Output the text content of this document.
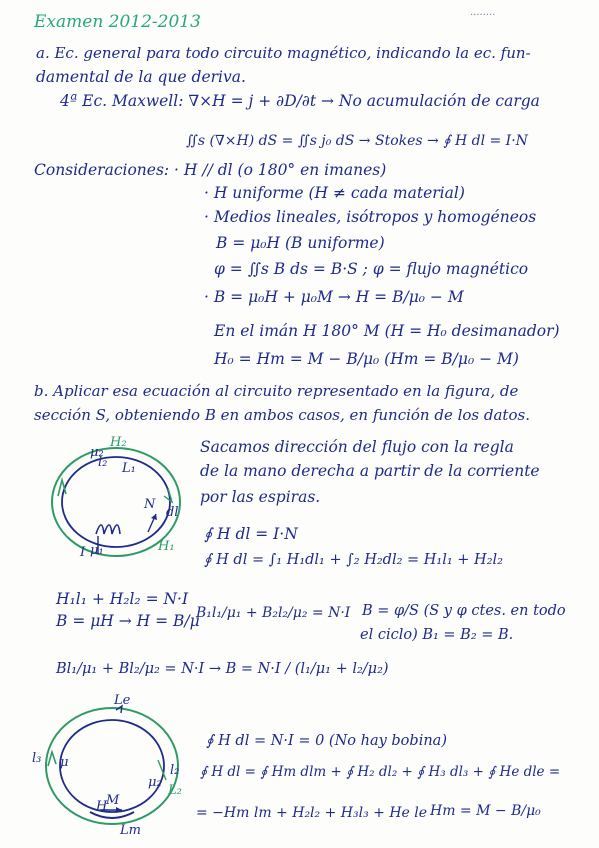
Examen 2012-2013	........
a. Ec. general para todo circuito magnético, indicando la ec. fun-
damental de la que deriva.
4ª Ec. Maxwell: ∇×H = j + ∂D/∂t → No acumulación de carga
∬s (∇×H) dS = ∬s j₀ dS → Stokes → ∮ H dl = I·N
Consideraciones: · H // dl (o 180° en imanes)
· H uniforme (H ≠ cada material)
· Medios lineales, isótropos y homogéneos
B = μ₀H (B uniforme)
φ = ∬s B ds = B·S ; φ = flujo magnético
· B = μ₀H + μ₀M → H = B/μ₀ − M
En el imán H 180° M (H = H₀ desimanador)
H₀ = Hm = M − B/μ₀ (Hm = B/μ₀ − M)
b. Aplicar esa ecuación al circuito representado en la figura, de
sección S, obteniendo B en ambos casos, en función de los datos.
Sacamos dirección del flujo con la regla
de la mano derecha a partir de la corriente
por las espiras.
∮ H dl = I·N
∮ H dl = ∫₁ H₁dl₁ + ∫₂ H₂dl₂ = H₁l₁ + H₂l₂
H₁l₁ + H₂l₂ = N·I
B = μH → H = B/μ
B₁l₁/μ₁ + B₂l₂/μ₂ = N·I B = φ/S (S y φ ctes. en todo
el ciclo) B₁ = B₂ = B.
Bl₁/μ₁ + Bl₂/μ₂ = N·I → B = N·I / (l₁/μ₁ + l₂/μ₂)
∮ H dl = N·I = 0 (No hay bobina)
∮ H dl = ∮ Hm dlm + ∮ H₂ dl₂ + ∮ H₃ dl₃ + ∮ He dle =
= −Hm lm + H₂l₂ + H₃l₃ + He le Hm = M − B/μ₀
μ₂
H₂
l₂ L₁
μ₁
dl
H₁
I
N
Le
l₃ μ
H
M
Lm
μ₂
l₂
L₂
